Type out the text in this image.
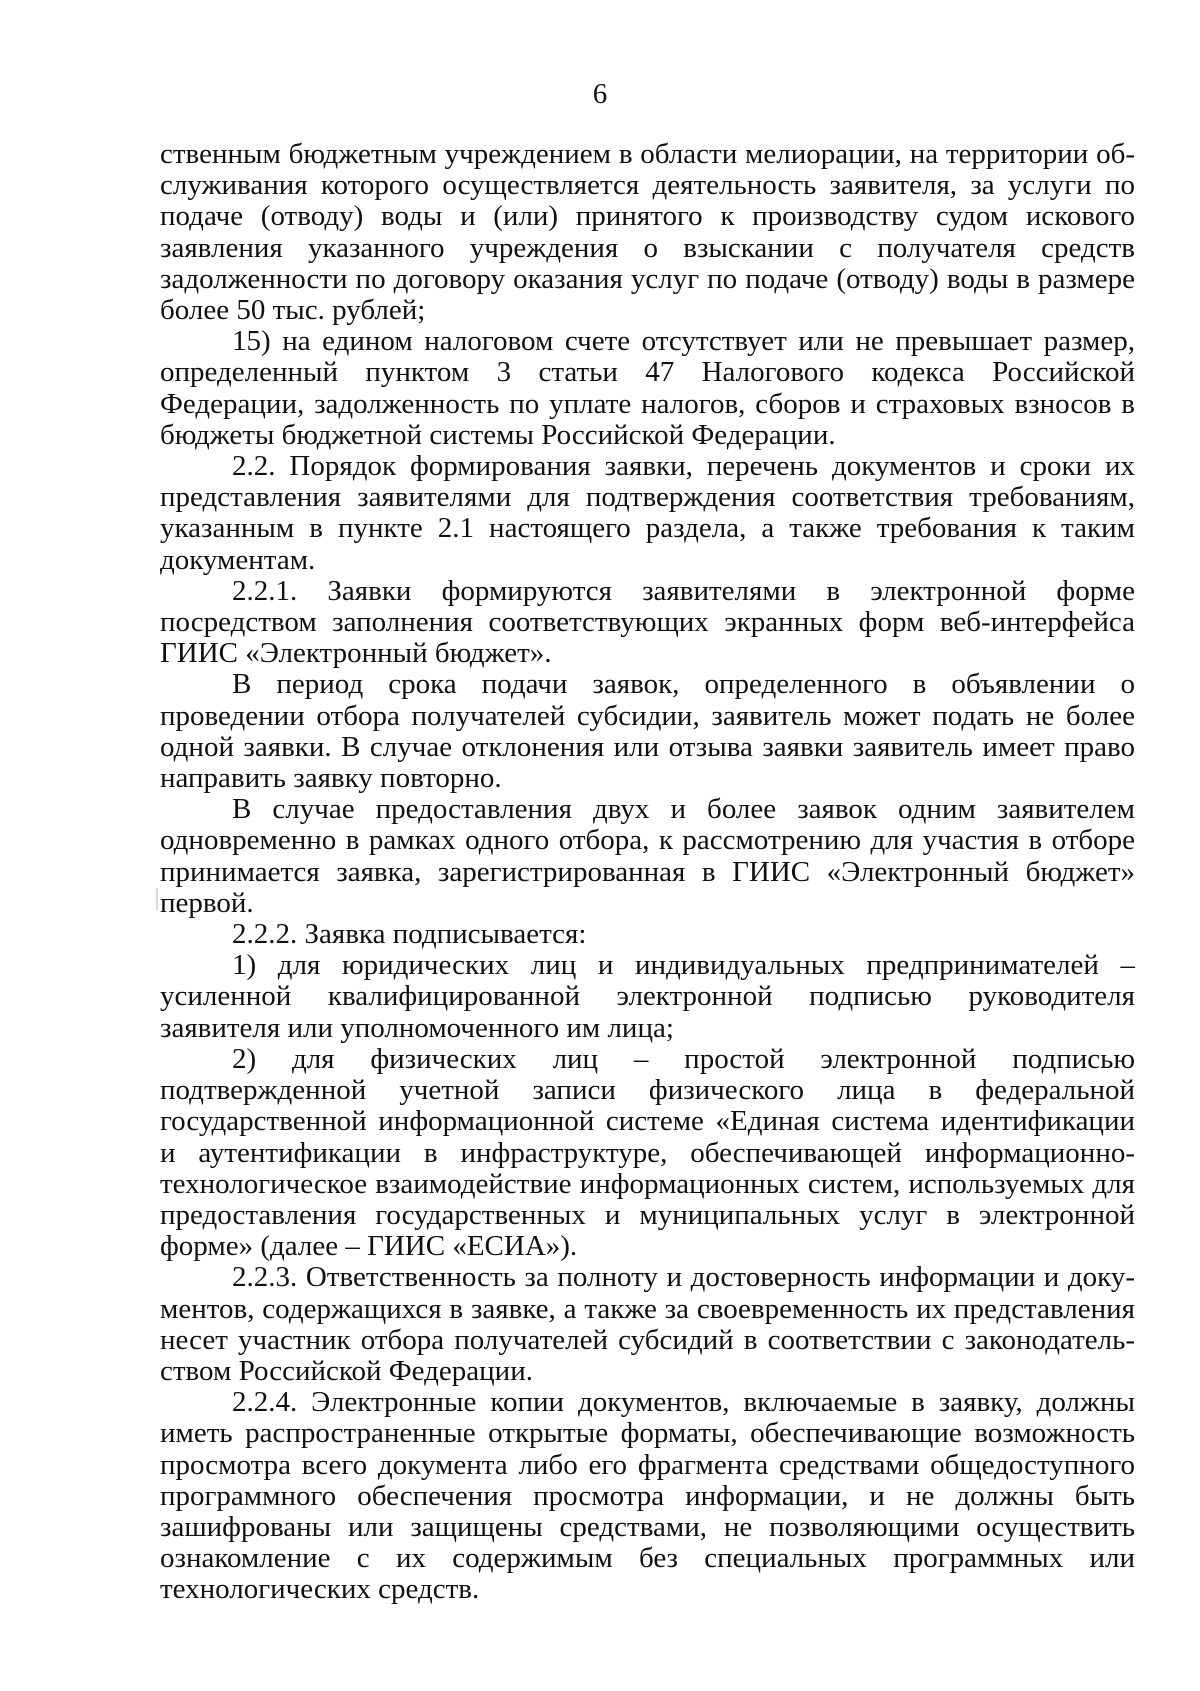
6

ственным бюджетным учреждением в области мелиорации, на территории обслуживания которого осуществляется деятельность заявителя, за услуги по подаче (отводу) воды и (или) принятого к производству судом искового заявления указанного учреждения о взыскании с получателя средств задолженности по договору оказания услуг по подаче (отводу) воды в размере более 50 тыс. рублей;

15) на едином налоговом счете отсутствует или не превышает размер, определенный пунктом 3 статьи 47 Налогового кодекса Российской Федерации, задолженность по уплате налогов, сборов и страховых взносов в бюджеты бюджетной системы Российской Федерации.

2.2. Порядок формирования заявки, перечень документов и сроки их представления заявителями для подтверждения соответствия требованиям, указанным в пункте 2.1 настоящего раздела, а также требования к таким документам.

2.2.1. Заявки формируются заявителями в электронной форме посредством заполнения соответствующих экранных форм веб-интерфейса ГИИС «Электронный бюджет».

В период срока подачи заявок, определенного в объявлении о проведении отбора получателей субсидии, заявитель может подать не более одной заявки. В случае отклонения или отзыва заявки заявитель имеет право направить заявку повторно.

В случае предоставления двух и более заявок одним заявителем одновременно в рамках одного отбора, к рассмотрению для участия в отборе принимается заявка, зарегистрированная в ГИИС «Электронный бюджет» первой.

2.2.2. Заявка подписывается:

1) для юридических лиц и индивидуальных предпринимателей – усиленной квалифицированной электронной подписью руководителя заявителя или уполномоченного им лица;

2) для физических лиц – простой электронной подписью подтвержденной учетной записи физического лица в федеральной государственной информационной системе «Единая система идентификации и аутентификации в инфраструктуре, обеспечивающей информационно-технологическое взаимодействие информационных систем, используемых для предоставления государственных и муниципальных услуг в электронной форме» (далее – ГИИС «ЕСИА»).

2.2.3. Ответственность за полноту и достоверность информации и документов, содержащихся в заявке, а также за своевременность их представления несет участник отбора получателей субсидий в соответствии с законодательством Российской Федерации.

2.2.4. Электронные копии документов, включаемые в заявку, должны иметь распространенные открытые форматы, обеспечивающие возможность просмотра всего документа либо его фрагмента средствами общедоступного программного обеспечения просмотра информации, и не должны быть зашифрованы или защищены средствами, не позволяющими осуществить ознакомление с их содержимым без специальных программных или технологических средств.
